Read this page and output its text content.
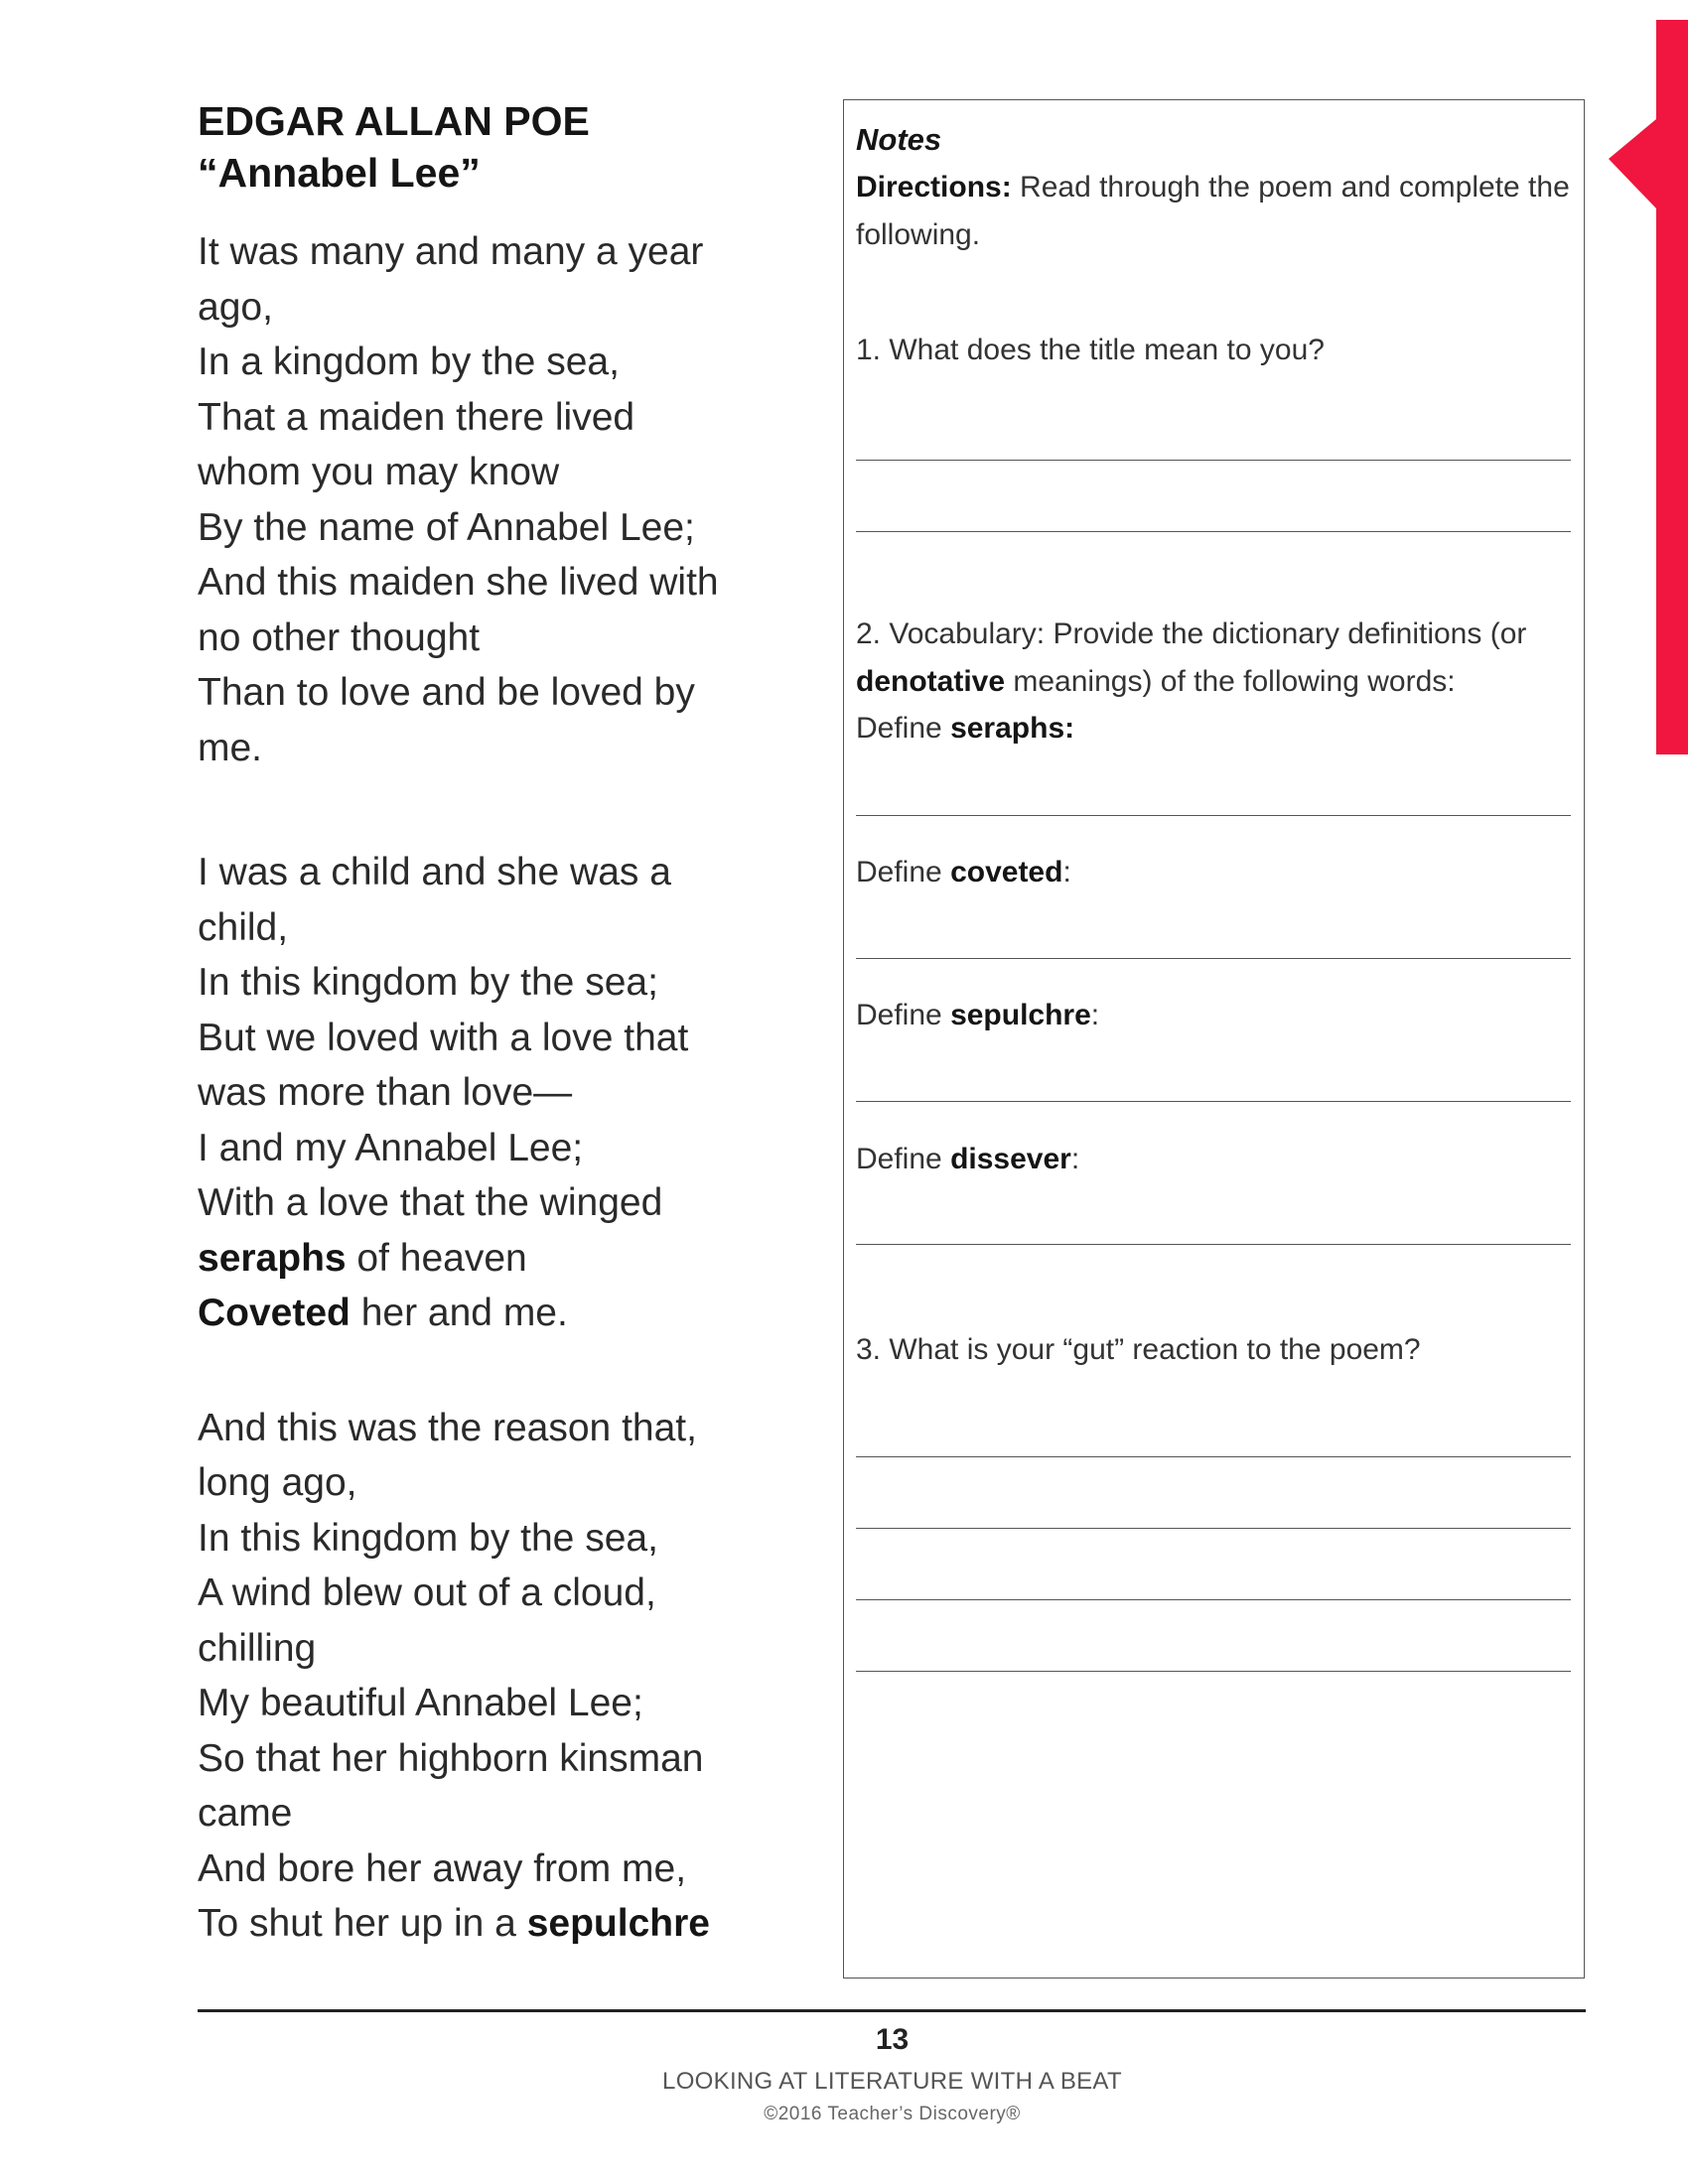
EDGAR ALLAN POE

“Annabel Lee”

It was many and many a year
ago,
In a kingdom by the sea,
That a maiden there lived
whom you may know
By the name of Annabel Lee;
And this maiden she lived with
no other thought
Than to love and be loved by
me.
I was a child and she was a
child,
In this kingdom by the sea;
But we loved with a love that
was more than love—
I and my Annabel Lee;
With a love that the winged
seraphs of heaven
Coveted her and me.
And this was the reason that,
long ago,
In this kingdom by the sea,
A wind blew out of a cloud,
chilling
My beautiful Annabel Lee;
So that her highborn kinsman
came
And bore her away from me,
To shut her up in a sepulchre
Notes
Directions: Read through the poem and complete the following.
1. What does the title mean to you?
2. Vocabulary: Provide the dictionary definitions (or denotative meanings) of the following words:
Define seraphs:
Define coveted:
Define sepulchre:
Define dissever:
3. What is your “gut” reaction to the poem?
13
LOOKING AT LITERATURE WITH A BEAT
©2016 Teacher’s Discovery®
